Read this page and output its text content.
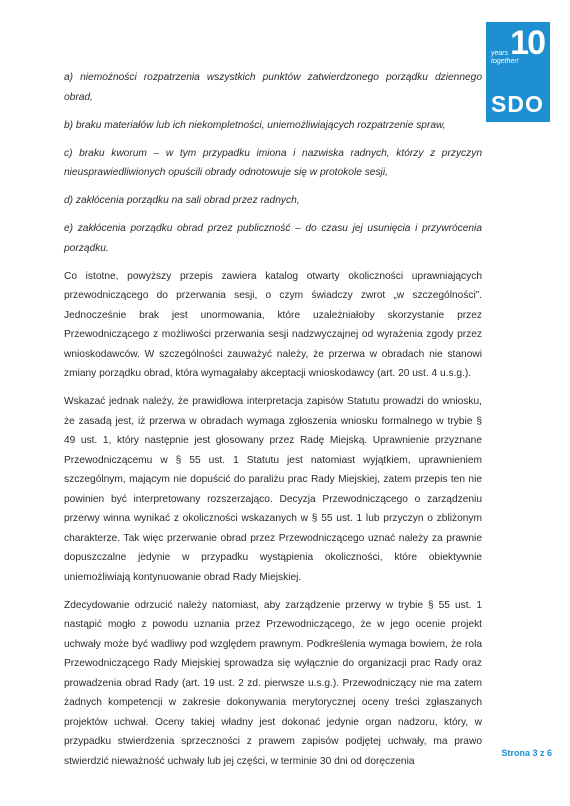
10
years together!
SDO

a) niemożności rozpatrzenia wszystkich punktów zatwierdzonego porządku dziennego obrad,

b) braku materiałów lub ich niekompletności, uniemożliwiających rozpatrzenie spraw,

c) braku kworum – w tym przypadku imiona i nazwiska radnych, którzy z przyczyn nieusprawiedliwionych opuścili obrady odnotowuje się w protokole sesji,

d) zakłócenia porządku na sali obrad przez radnych,

e) zakłócenia porządku obrad przez publiczność – do czasu jej usunięcia i przywrócenia porządku.

Co istotne, powyższy przepis zawiera katalog otwarty okoliczności uprawniających przewodniczącego do przerwania sesji, o czym świadczy zwrot „w szczególności”. Jednocześnie brak jest unormowania, które uzależniałoby skorzystanie przez Przewodniczącego z możliwości przerwania sesji nadzwyczajnej od wyrażenia zgody przez wnioskodawców. W szczególności zauważyć należy, że przerwa w obradach nie stanowi zmiany porządku obrad, która wymagałaby akceptacji wnioskodawcy (art. 20 ust. 4 u.s.g.).

Wskazać jednak należy, że prawidłowa interpretacja zapisów Statutu prowadzi do wniosku, że zasadą jest, iż przerwa w obradach wymaga zgłoszenia wniosku formalnego w trybie § 49 ust. 1, który następnie jest głosowany przez Radę Miejską. Uprawnienie przyznane Przewodniczącemu w § 55 ust. 1 Statutu jest natomiast wyjątkiem, uprawnieniem szczególnym, mającym nie dopuścić do paraliżu prac Rady Miejskiej, zatem przepis ten nie powinien być interpretowany rozszerzająco. Decyzja Przewodniczącego o zarządzeniu przerwy winna wynikać z okoliczności wskazanych w § 55 ust. 1 lub przyczyn o zbliżonym charakterze. Tak więc przerwanie obrad przez Przewodniczącego uznać należy za prawnie dopuszczalne jedynie w przypadku wystąpienia okoliczności, które obiektywnie uniemożliwiają kontynuowanie obrad Rady Miejskiej.

Zdecydowanie odrzucić należy natomiast, aby zarządzenie przerwy w trybie § 55 ust. 1 nastąpić mogło z powodu uznania przez Przewodniczącego, że w jego ocenie projekt uchwały może być wadliwy pod względem prawnym. Podkreślenia wymaga bowiem, że rola Przewodniczącego Rady Miejskiej sprowadza się wyłącznie do organizacji prac Rady oraz prowadzenia obrad Rady (art. 19 ust. 2 zd. pierwsze u.s.g.). Przewodniczący nie ma zatem żadnych kompetencji w zakresie dokonywania merytorycznej oceny treści zgłaszanych projektów uchwał. Oceny takiej władny jest dokonać jedynie organ nadzoru, który, w przypadku stwierdzenia sprzeczności z prawem zapisów podjętej uchwały, ma prawo stwierdzić nieważność uchwały lub jej części, w terminie 30 dni od doręczenia

Strona 3 z 6
